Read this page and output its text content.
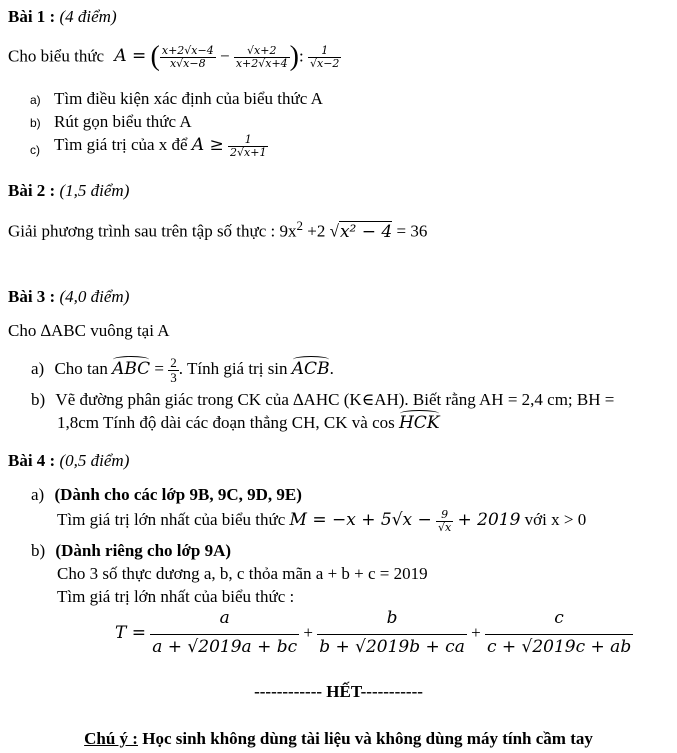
Bài 1 : (4 điểm)
Cho biểu thức A = ( $\frac{x+2√x-4}{x√x-8} - \frac{√x+2}{x+2√x+4}$ ): $\frac{1}{√x-2}$
a) Tìm điều kiện xác định của biểu thức A
b) Rút gọn biểu thức A
c) Tìm giá trị của x để $A \ge \frac{1}{2√x+1}$
Bài 2 : (1,5 điểm)
Giải phương trình sau trên tập số thực : $9x^2 +2$ √x² − 4 = 36
Bài 3 : (4,0 điểm)
Cho ∆ABC vuông tại A
a) Cho tan ABC = $\frac{2}{3}$ . Tính giá trị sin ACB.
b) Vẽ đường phân giác trong CK của ∆AHC (K∈AH). Biết rằng AH = 2,4 cm; BH =
1,8cm Tính độ dài các đoạn thẳng CH, CK và cos HCK
Bài 4 : (0,5 điểm)
a) (Dành cho các lớp 9B, 9C, 9D, 9E)
Tìm giá trị lớn nhất của biểu thức $M = -x + 5√x - \frac{9}{√x} + 2019$ với x > 0
b) (Dành riêng cho lớp 9A)
Cho 3 số thực dương a, b, c thỏa mãn a + b + c = 2019
Tìm giá trị lớn nhất của biểu thức :
$T = \frac{a}{a + √2019a + bc} + \frac{b}{b + √2019b + ca} + \frac{c}{c + √2019c + ab}$
------------ HẾT-----------
Chú ý : Học sinh không dùng tài liệu và không dùng máy tính cầm tay
